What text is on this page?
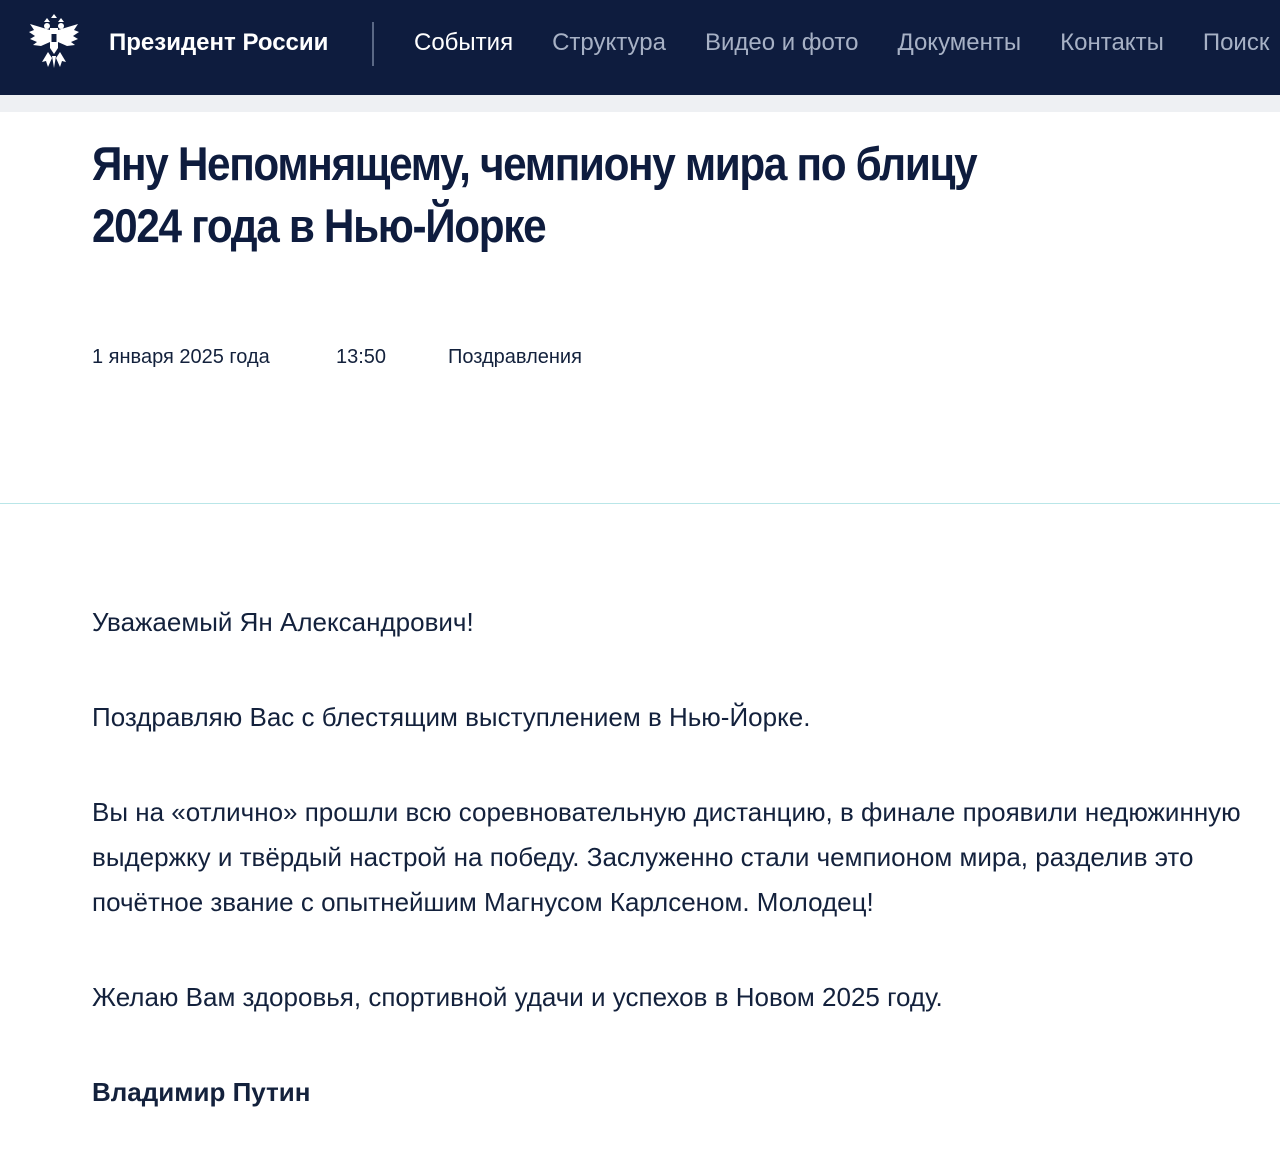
Президент России	События Структура Видео и фото Документы Контакты Поиск
Яну Непомнящему, чемпиону мира по блицу 2024 года в Нью-Йорке
1 января 2025 года	13:50	Поздравления

Уважаемый Ян Александрович!

Поздравляю Вас с блестящим выступлением в Нью-Йорке.

Вы на «отлично» прошли всю соревновательную дистанцию, в финале проявили недюжинную выдержку и твёрдый настрой на победу. Заслуженно стали чемпионом мира, разделив это почётное звание с опытнейшим Магнусом Карлсеном. Молодец!

Желаю Вам здоровья, спортивной удачи и успехов в Новом 2025 году.

Владимир Путин
